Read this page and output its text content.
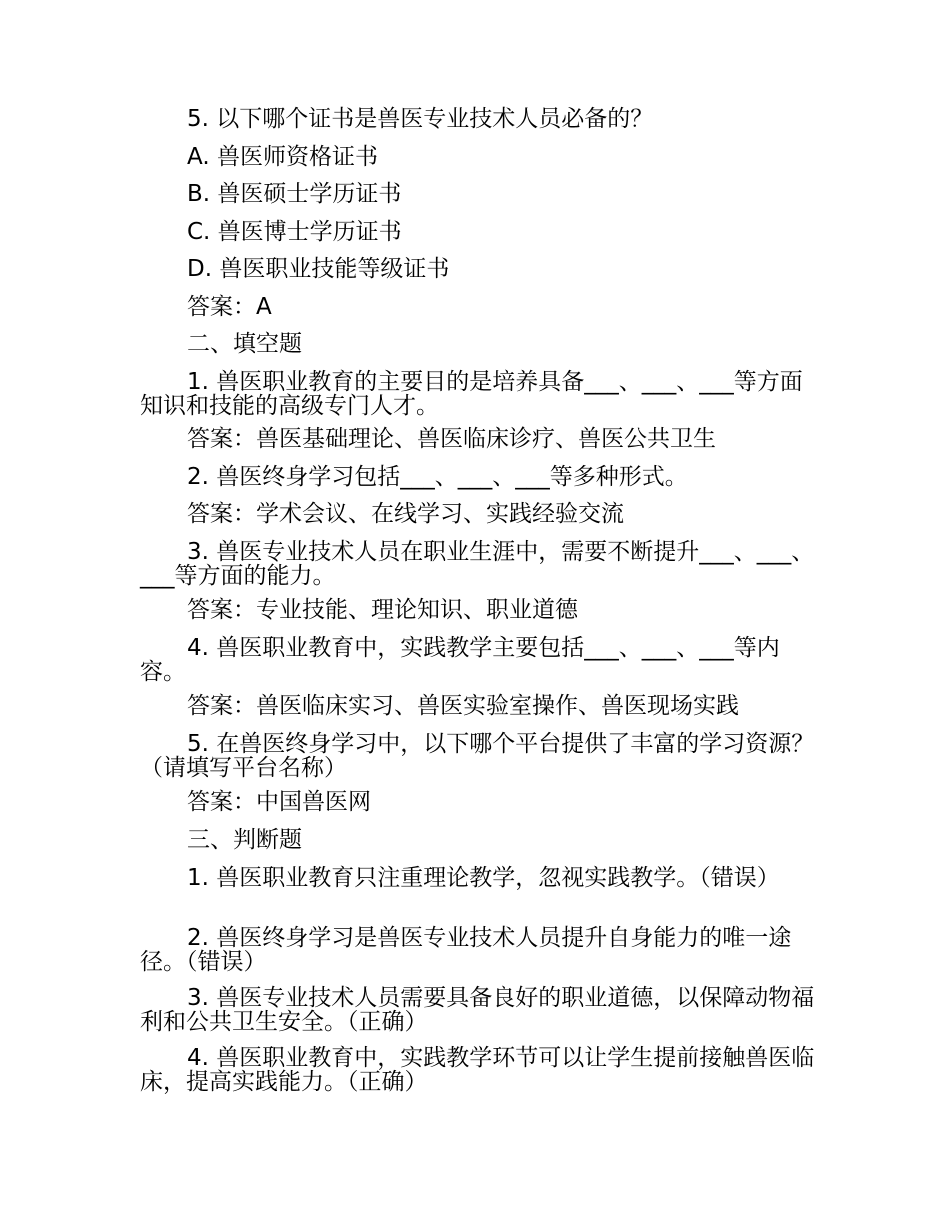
5. 以下哪个证书是兽医专业技术人员必备的？
A. 兽医师资格证书
B. 兽医硕士学历证书
C. 兽医博士学历证书
D. 兽医职业技能等级证书
答案：A
二、填空题
1. 兽医职业教育的主要目的是培养具备___、___、___等方面知识和技能的高级专门人才。
答案：兽医基础理论、兽医临床诊疗、兽医公共卫生
2. 兽医终身学习包括___、___、___等多种形式。
答案：学术会议、在线学习、实践经验交流
3. 兽医专业技术人员在职业生涯中，需要不断提升___、___、___等方面的能力。
答案：专业技能、理论知识、职业道德
4. 兽医职业教育中，实践教学主要包括___、___、___等内容。
答案：兽医临床实习、兽医实验室操作、兽医现场实践
5. 在兽医终身学习中，以下哪个平台提供了丰富的学习资源？（请填写平台名称）
答案：中国兽医网
三、判断题
1. 兽医职业教育只注重理论教学，忽视实践教学。（错误）
2. 兽医终身学习是兽医专业技术人员提升自身能力的唯一途径。（错误）
3. 兽医专业技术人员需要具备良好的职业道德，以保障动物福利和公共卫生安全。（正确）
4. 兽医职业教育中，实践教学环节可以让学生提前接触兽医临床，提高实践能力。（正确）
